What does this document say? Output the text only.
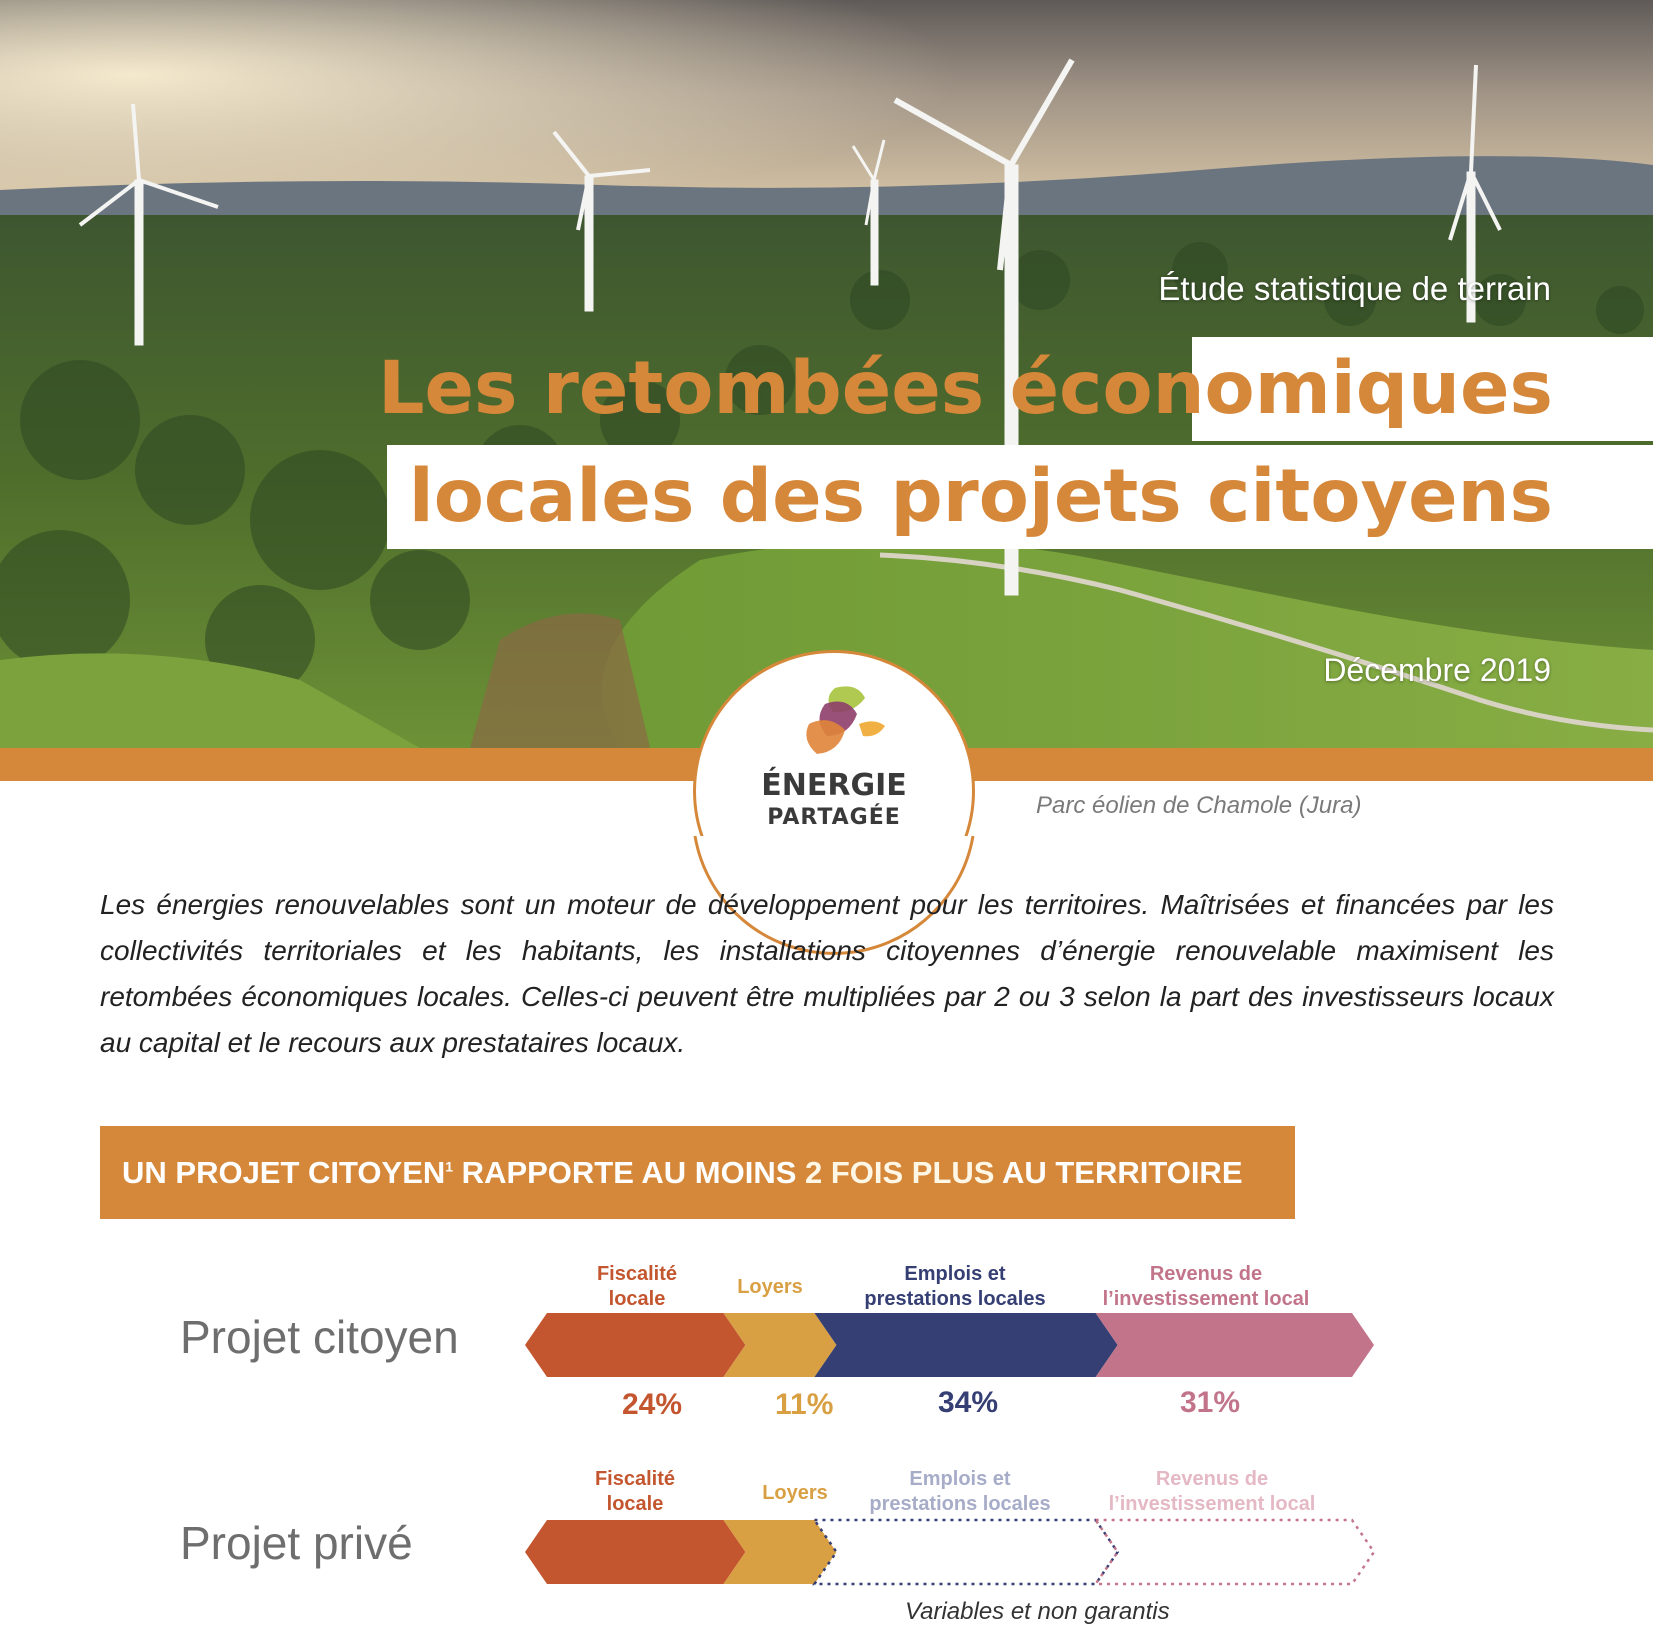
Étude statistique de terrain
Décembre 2019
Les retombées économiques
locales des projets citoyens
ÉNERGIE
PARTAGÉE	Parc éolien de Chamole (Jura)

Les énergies renouvelables sont un moteur de développement pour les territoires. Maîtrisées et financées par les collectivités territoriales et les habitants, les installations citoyennes d’énergie renouvelable maximisent les retombées économiques locales. Celles-ci peuvent être multipliées par 2 ou 3 selon la part des investisseurs locaux au capital et le recours aux prestataires locaux.

UN PROJET CITOYEN$^1$ RAPPORTE AU MOINS 2 FOIS PLUS AU TERRITOIRE
Projet citoyen
Projet privé
Fiscalité
locale
Loyers
Emplois et
prestations locales
Revenus de
l’investissement local
Fiscalité
locale	Loyers
Emplois et
prestations locales
Revenus de
l’investissement local
24%	11%	34%	31%
Variables et non garantis
